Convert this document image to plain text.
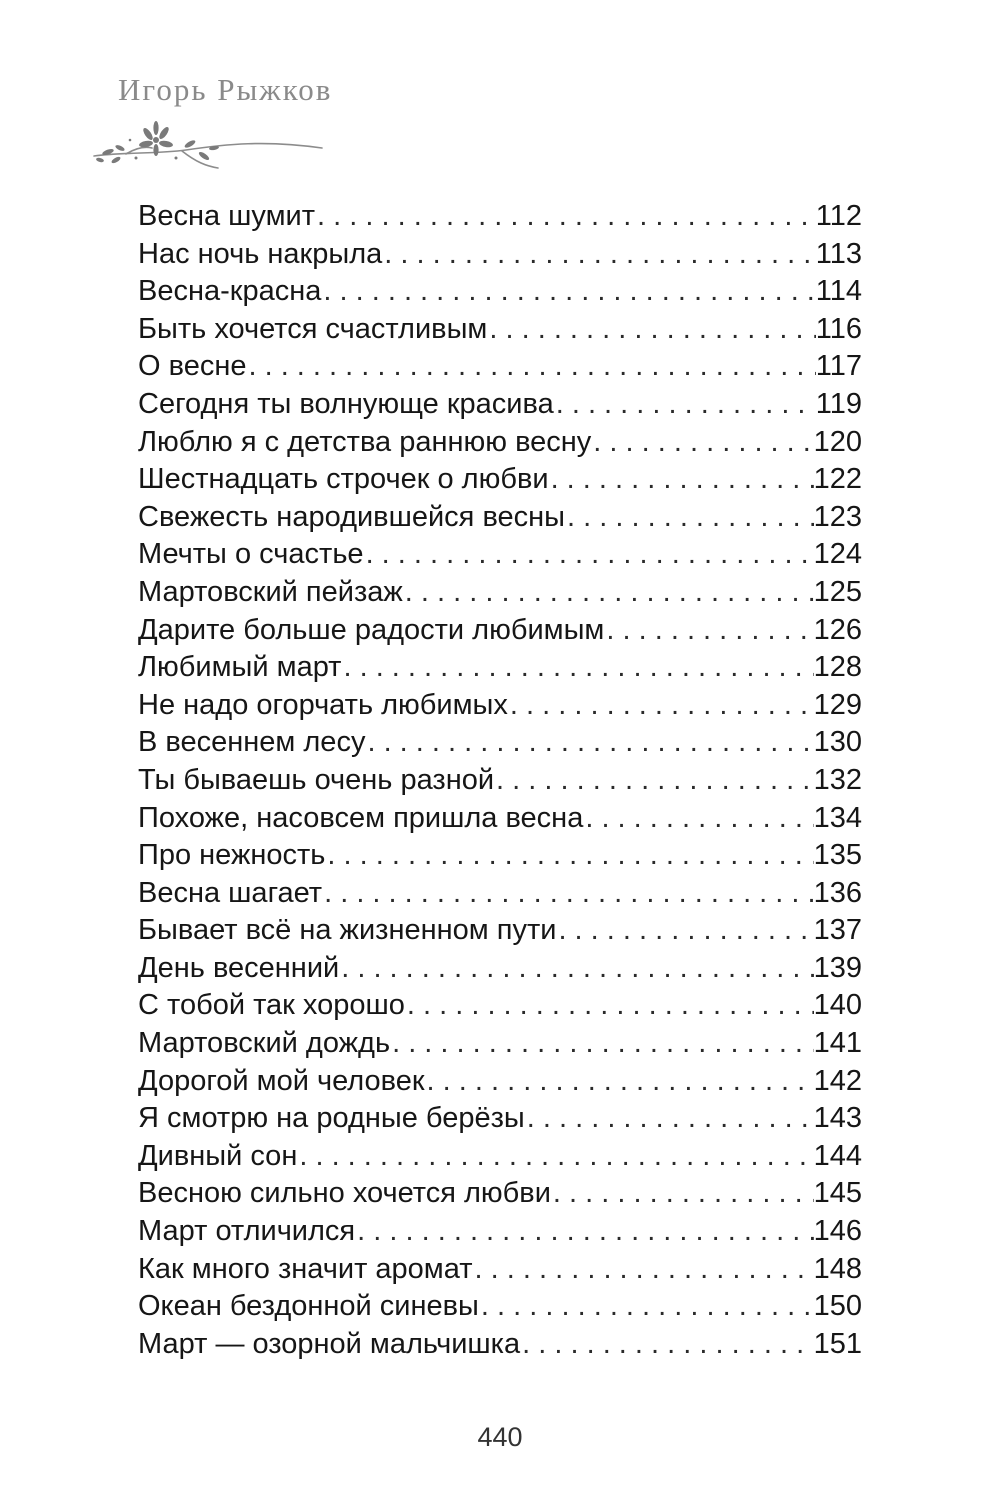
Игорь Рыжков
Весна шумит . . .	112
Нас ночь накрыла . . .	113
Весна-красна . . .	114
Быть хочется счастливым . . .	116
О весне . . .	117
Сегодня ты волнующе красива . . .	119
Люблю я с детства раннюю весну . . .	120
Шестнадцать строчек о любви . . .	122
Свежесть народившейся весны . . .	123
Мечты о счастье . . .	124
Мартовский пейзаж . . .	125
Дарите больше радости любимым . . .	126
Любимый март . . .	128
Не надо огорчать любимых . . .	129
В весеннем лесу . . .	130
Ты бываешь очень разной . . .	132
Похоже, насовсем пришла весна . . .	134
Про нежность . . .	135
Весна шагает . . .	136
Бывает всё на жизненном пути . . .	137
День весенний . . .	139
С тобой так хорошо . . .	140
Мартовский дождь . . .	141
Дорогой мой человек . . .	142
Я смотрю на родные берёзы . . .	143
Дивный сон . . .	144
Весною сильно хочется любви . . .	145
Март отличился . . .	146
Как много значит аромат . . .	148
Океан бездонной синевы . . .	150
Март — озорной мальчишка . . .	151
440
